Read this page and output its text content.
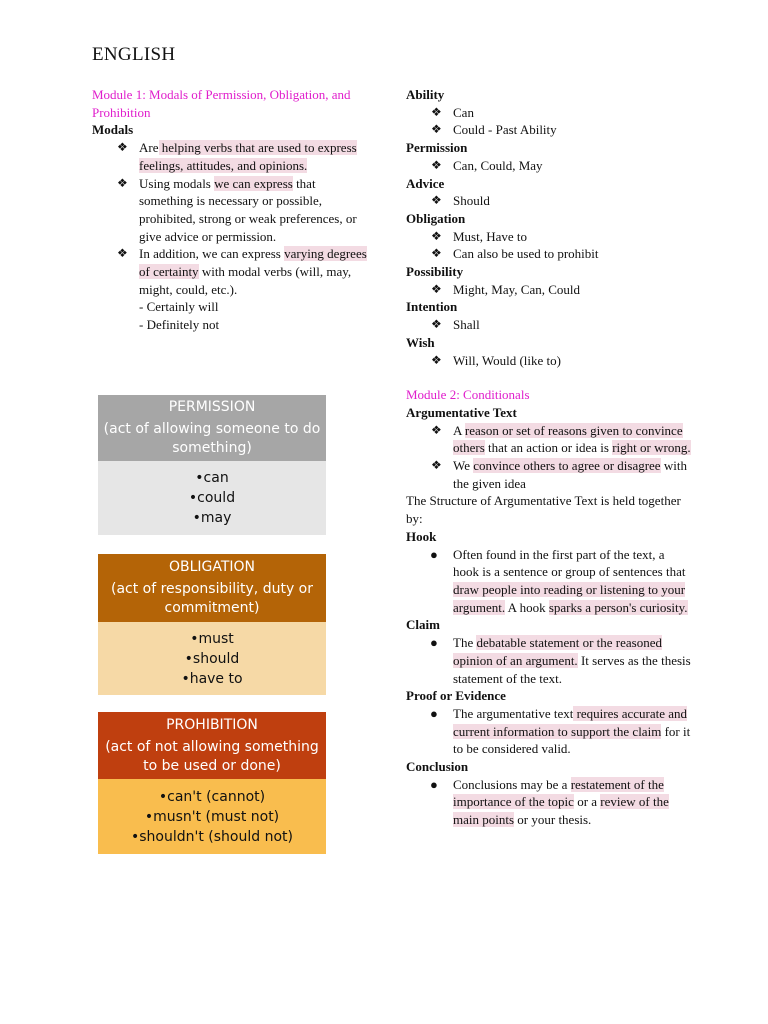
ENGLISH
Module 1: Modals of Permission, Obligation, and Prohibition
Modals
❖ Are helping verbs that are used to express feelings, attitudes, and opinions.
❖ Using modals we can express that something is necessary or possible, prohibited, strong or weak preferences, or give advice or permission.
❖ In addition, we can express varying degrees of certainty with modal verbs (will, may, might, could, etc.).
- Certainly will
- Definitely not
PERMISSION
(act of allowing someone to do something)
•can
•could
•may
OBLIGATION
(act of responsibility, duty or commitment)
•must
•should
•have to
PROHIBITION
(act of not allowing something to be used or done)
•can't (cannot)
•musn't (must not)
•shouldn't (should not)
Ability
❖ Can
❖ Could - Past Ability
Permission
❖ Can, Could, May
Advice
❖ Should
Obligation
❖ Must, Have to
❖ Can also be used to prohibit
Possibility
❖ Might, May, Can, Could
Intention
❖ Shall
Wish
❖ Will, Would (like to)
Module 2: Conditionals
Argumentative Text
❖ A reason or set of reasons given to convince others that an action or idea is right or wrong.
❖ We convince others to agree or disagree with the given idea
The Structure of Argumentative Text is held together by:
Hook
● Often found in the first part of the text, a hook is a sentence or group of sentences that draw people into reading or listening to your argument. A hook sparks a person's curiosity.
Claim
● The debatable statement or the reasoned opinion of an argument. It serves as the thesis statement of the text.
Proof or Evidence
● The argumentative text requires accurate and current information to support the claim for it to be considered valid.
Conclusion
● Conclusions may be a restatement of the importance of the topic or a review of the main points or your thesis.
